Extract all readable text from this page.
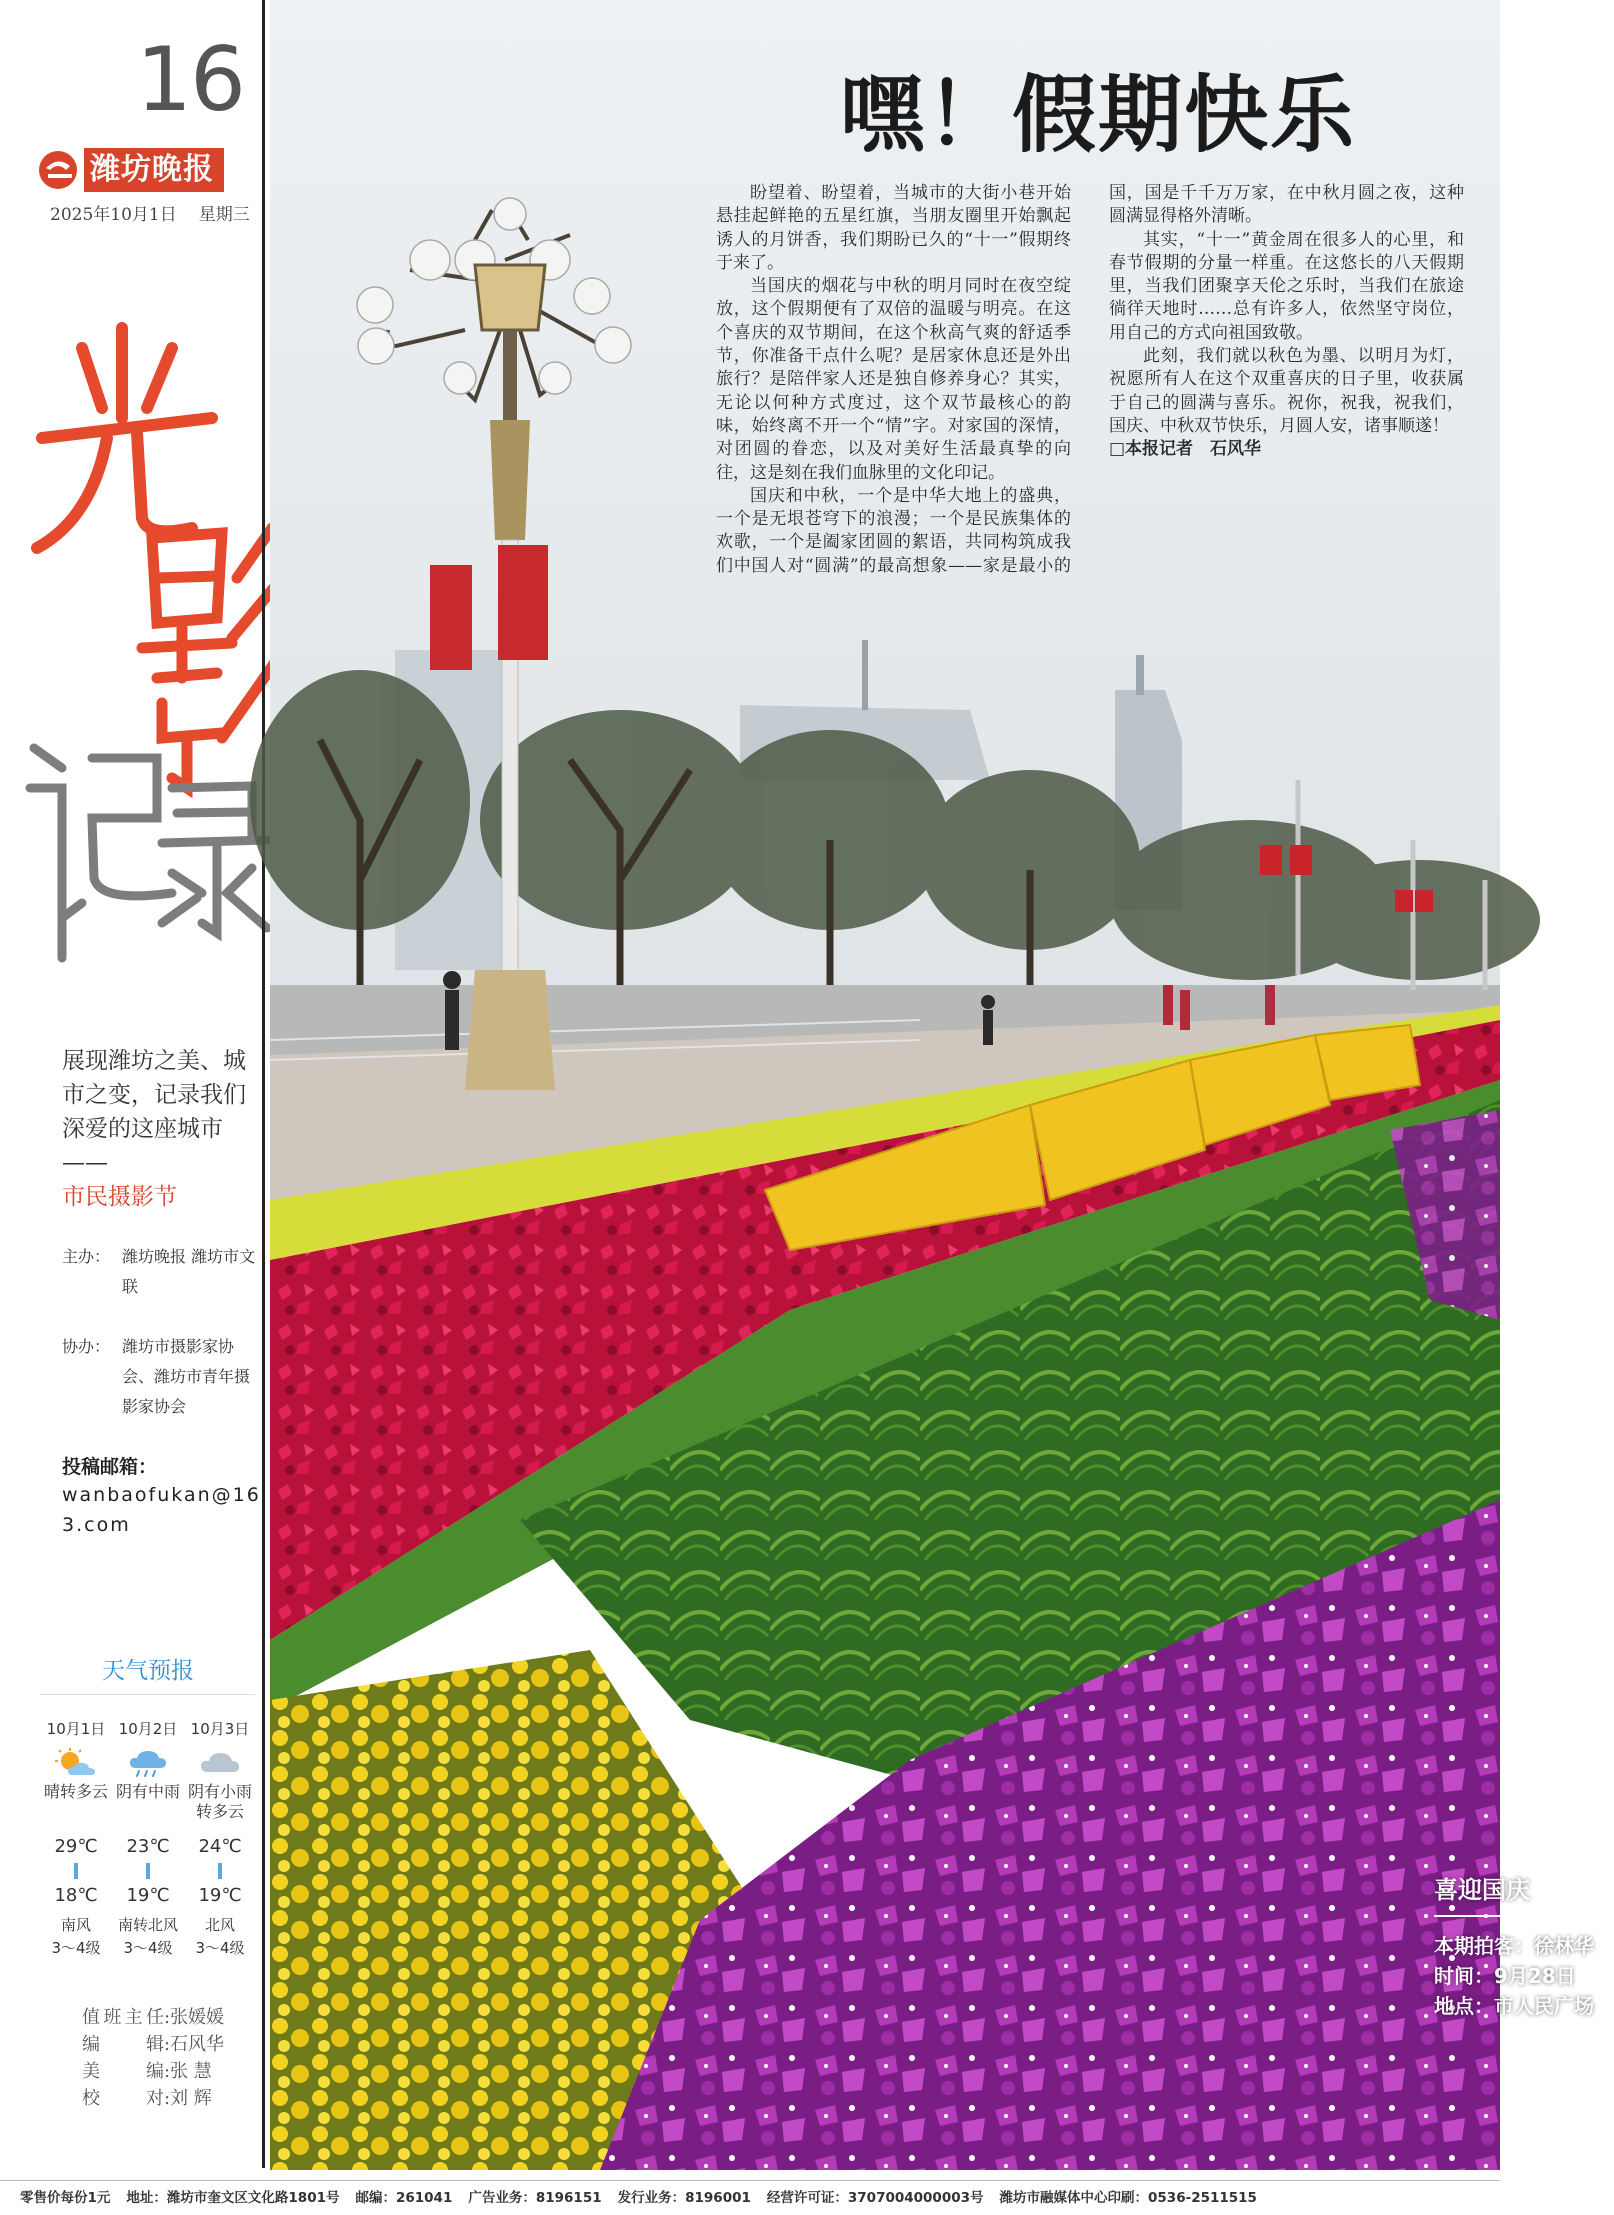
16
潍坊晚报
2025年10月1日 星期三
展现潍坊之美、城市之变，记录我们深爱的这座城市——
市民摄影节
主办： 潍坊晚报 潍坊市文联
协办： 潍坊市摄影家协会、潍坊市青年摄影家协会
投稿邮箱：
wanbaofukan@163.com
天气预报
10月1日
晴转多云
29℃
18℃
南风
3～4级
10月2日
阴有中雨
23℃
19℃
南转北风
3～4级
10月3日
阴有小雨转多云
24℃
19℃
北风
3～4级
值班主任 : 张媛媛
编辑 : 石风华
美编 : 张 慧
校对 : 刘 辉
嘿！假期快乐
喜迎国庆
本期拍客：徐林华
时间：9月28日
地点：市人民广场

盼望着、盼望着，当城市的大街小巷开始悬挂起鲜艳的五星红旗，当朋友圈里开始飘起诱人的月饼香，我们期盼已久的“十一”假期终于来了。

当国庆的烟花与中秋的明月同时在夜空绽放，这个假期便有了双倍的温暖与明亮。在这个喜庆的双节期间，在这个秋高气爽的舒适季节，你准备干点什么呢？是居家休息还是外出旅行？是陪伴家人还是独自修养身心？其实，无论以何种方式度过，这个双节最核心的韵味，始终离不开一个“情”字。对家国的深情，对团圆的眷恋，以及对美好生活最真挚的向往，这是刻在我们血脉里的文化印记。

国庆和中秋，一个是中华大地上的盛典，一个是无垠苍穹下的浪漫；一个是民族集体的欢歌，一个是阖家团圆的絮语，共同构筑成我们中国人对“圆满”的最高想象——家是最小的国，国是千千万万家，在中秋月圆之夜，这种圆满显得格外清晰。

其实，“十一”黄金周在很多人的心里，和春节假期的分量一样重。在这悠长的八天假期里，当我们团聚享天伦之乐时，当我们在旅途徜徉天地时……总有许多人，依然坚守岗位，用自己的方式向祖国致敬。

此刻，我们就以秋色为墨、以明月为灯，祝愿所有人在这个双重喜庆的日子里，收获属于自己的圆满与喜乐。祝你，祝我，祝我们，国庆、中秋双节快乐，月圆人安，诸事顺遂！

□本报记者　石风华

零售价每份1元 地址：潍坊市奎文区文化路1801号 邮编：261041 广告业务：8196151 发行业务：8196001 经营许可证：3707004000003号 潍坊市融媒体中心印刷：0536-2511515
